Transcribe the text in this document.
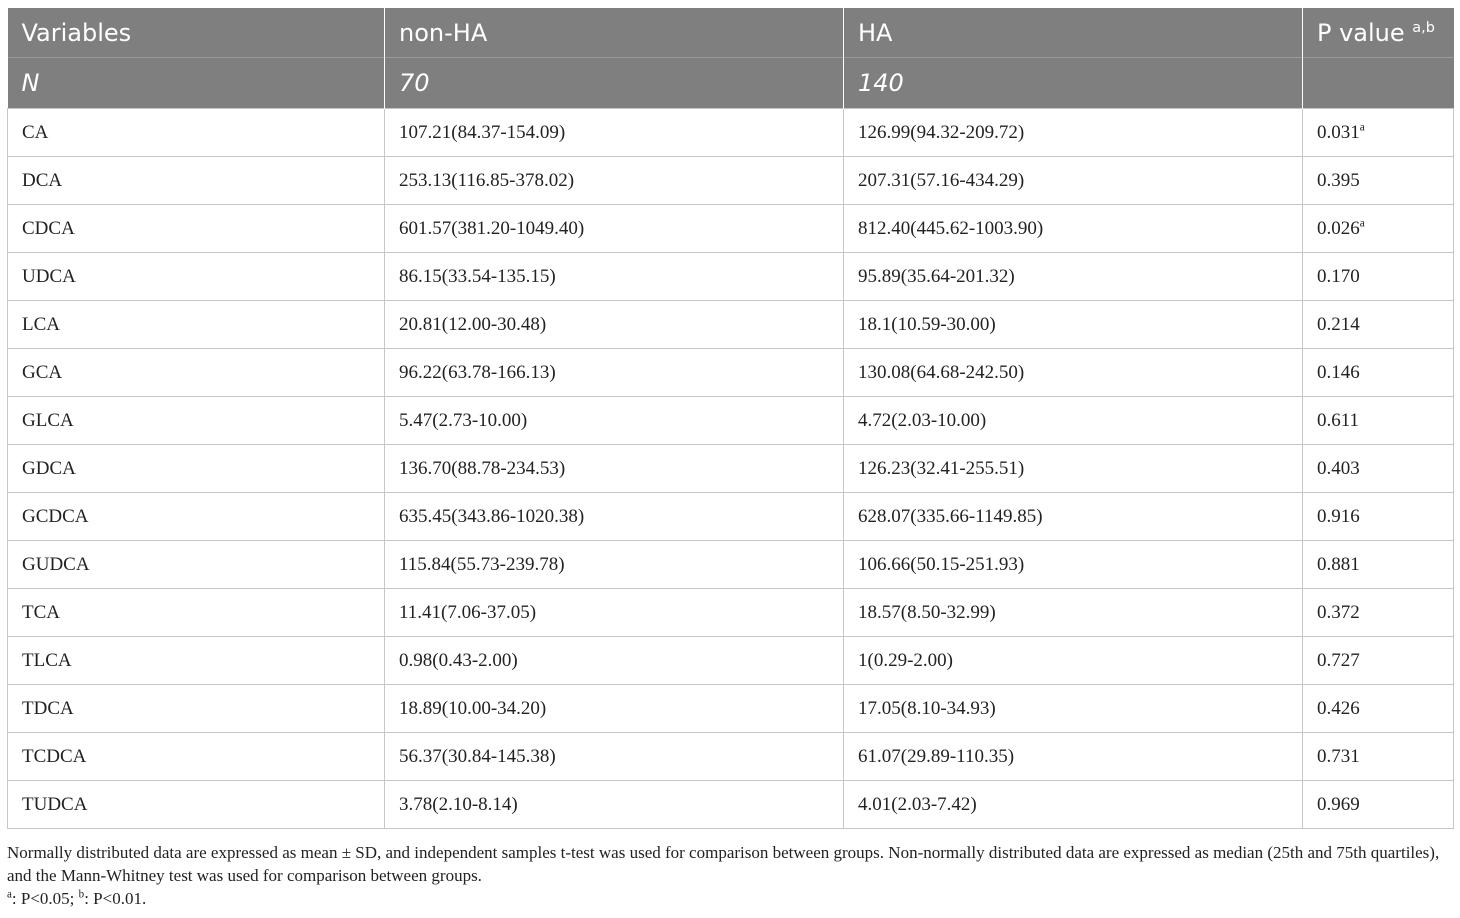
Variables	non-HA	HA	P value $^{a,b}$
N	70	140	
CA	107.21(84.37-154.09)	126.99(94.32-209.72)	0.031$^a$
DCA	253.13(116.85-378.02)	207.31(57.16-434.29)	0.395
CDCA	601.57(381.20-1049.40)	812.40(445.62-1003.90)	0.026$^a$
UDCA	86.15(33.54-135.15)	95.89(35.64-201.32)	0.170
LCA	20.81(12.00-30.48)	18.1(10.59-30.00)	0.214
GCA	96.22(63.78-166.13)	130.08(64.68-242.50)	0.146
GLCA	5.47(2.73-10.00)	4.72(2.03-10.00)	0.611
GDCA	136.70(88.78-234.53)	126.23(32.41-255.51)	0.403
GCDCA	635.45(343.86-1020.38)	628.07(335.66-1149.85)	0.916
GUDCA	115.84(55.73-239.78)	106.66(50.15-251.93)	0.881
TCA	11.41(7.06-37.05)	18.57(8.50-32.99)	0.372
TLCA	0.98(0.43-2.00)	1(0.29-2.00)	0.727
TDCA	18.89(10.00-34.20)	17.05(8.10-34.93)	0.426
TCDCA	56.37(30.84-145.38)	61.07(29.89-110.35)	0.731
TUDCA	3.78(2.10-8.14)	4.01(2.03-7.42)	0.969

Normally distributed data are expressed as mean ± SD, and independent samples t-test was used for comparison between groups. Non-normally distributed data are expressed as median (25th and 75th quartiles), and the Mann-Whitney test was used for comparison between groups.

$^a$: P<0.05; $^b$: P<0.01.
